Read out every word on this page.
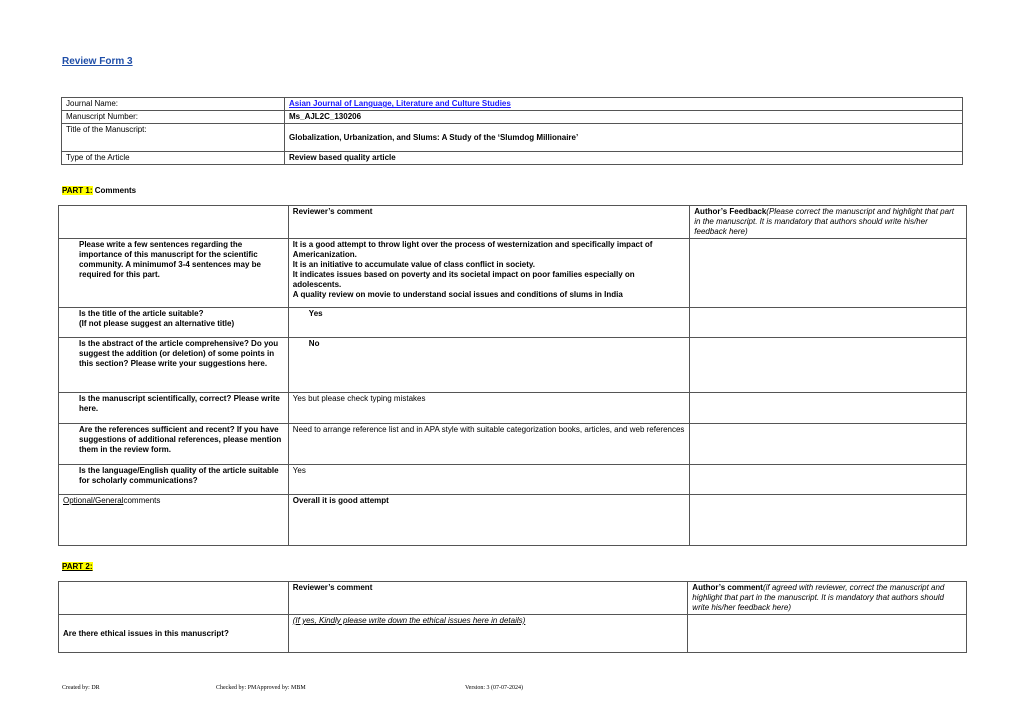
Review Form 3
Journal Name:	Asian Journal of Language, Literature and Culture Studies
Manuscript Number:	Ms_AJL2C_130206
Title of the Manuscript:	Globalization, Urbanization, and Slums: A Study of the ‘Slumdog Millionaire’
Type of the Article	Review based quality article
PART 1: Comments
	Reviewer’s comment	Author’s Feedback(Please correct the manuscript and highlight that part in the manuscript. It is mandatory that authors should write his/her feedback here)
Please write a few sentences regarding the importance of this manuscript for the scientific community. A minimumof 3-4 sentences may be required for this part.	It is a good attempt to throw light over the process of westernization and specifically impact of Americanization.
It is an initiative to accumulate value of class conflict in society.
It indicates issues based on poverty and its societal impact on poor families especially on adolescents.
A quality review on movie to understand social issues and conditions of slums in India	

Is the title of the article suitable?
(If not please suggest an alternative title)	Yes	
Is the abstract of the article comprehensive? Do you suggest the addition (or deletion) of some points in this section? Please write your suggestions here.	No	
Is the manuscript scientifically, correct? Please write here.	Yes but please check typing mistakes	
Are the references sufficient and recent? If you have suggestions of additional references, please mention them in the review form.	Need to arrange reference list and in APA style with suitable categorization books, articles, and web references	
Is the language/English quality of the article suitable for scholarly communications?	Yes	
Optional/Generalcomments	Overall it is good attempt	
PART 2:
	Reviewer’s comment	Author’s comment(if agreed with reviewer, correct the manuscript and highlight that part in the manuscript. It is mandatory that authors should write his/her feedback here)
Are there ethical issues in this manuscript?	(If yes, Kindly please write down the ethical issues here in details)	
Created by: DR	Checked by: PMApproved by: MBM	Version: 3 (07-07-2024)
